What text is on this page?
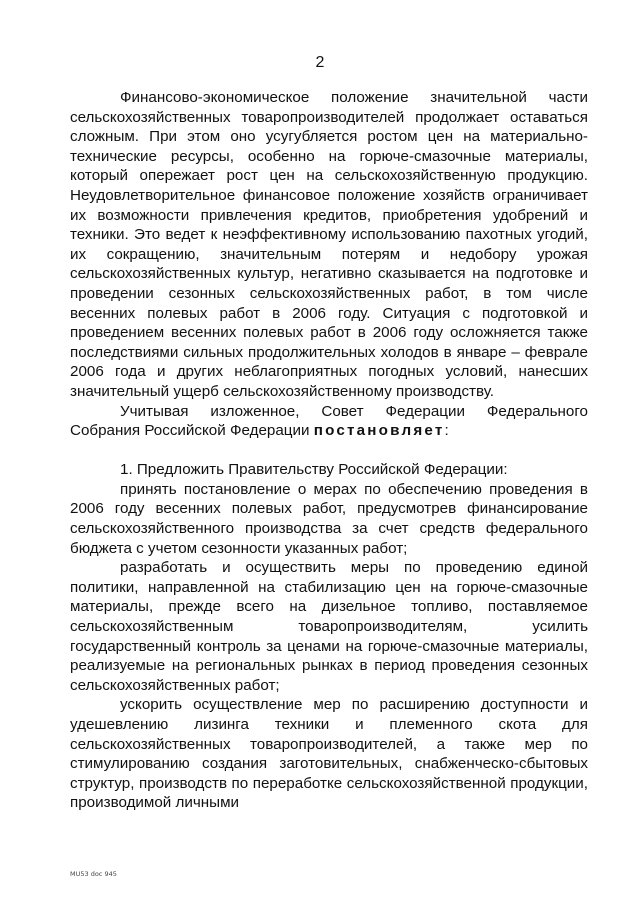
2

Финансово-экономическое положение значительной части сельскохозяйственных товаропроизводителей продолжает оставаться сложным. При этом оно усугубляется ростом цен на материально-технические ресурсы, особенно на горюче-смазочные материалы, который опережает рост цен на сельскохозяйственную продукцию. Неудовлетворительное финансовое положение хозяйств ограничивает их возможности привлечения кредитов, приобретения удобрений и техники. Это ведет к неэффективному использованию пахотных угодий, их сокращению, значительным потерям и недобору урожая сельскохозяйственных культур, негативно сказывается на подготовке и проведении сезонных сельскохозяйственных работ, в том числе весенних полевых работ в 2006 году. Ситуация с подготовкой и проведением весенних полевых работ в 2006 году осложняется также последствиями сильных продолжительных холодов в январе – феврале 2006 года и других неблагоприятных погодных условий, нанесших значительный ущерб сельскохозяйственному производству.

Учитывая изложенное, Совет Федерации Федерального Собрания Российской Федерации постановляет:

1. Предложить Правительству Российской Федерации:

принять постановление о мерах по обеспечению проведения в 2006 году весенних полевых работ, предусмотрев финансирование сельскохозяйственного производства за счет средств федерального бюджета с учетом сезонности указанных работ;

разработать и осуществить меры по проведению единой политики, направленной на стабилизацию цен на горюче-смазочные материалы, прежде всего на дизельное топливо, поставляемое сельскохозяйственным товаропроизводителям, усилить государственный контроль за ценами на горюче-смазочные материалы, реализуемые на региональных рынках в период проведения сезонных сельскохозяйственных работ;

ускорить осуществление мер по расширению доступности и удешевлению лизинга техники и племенного скота для сельскохозяйственных товаропроизводителей, а также мер по стимулированию создания заготовительных, снабженческо-сбытовых структур, производств по переработке сельскохозяйственной продукции, производимой личными

MU53 doc 945
